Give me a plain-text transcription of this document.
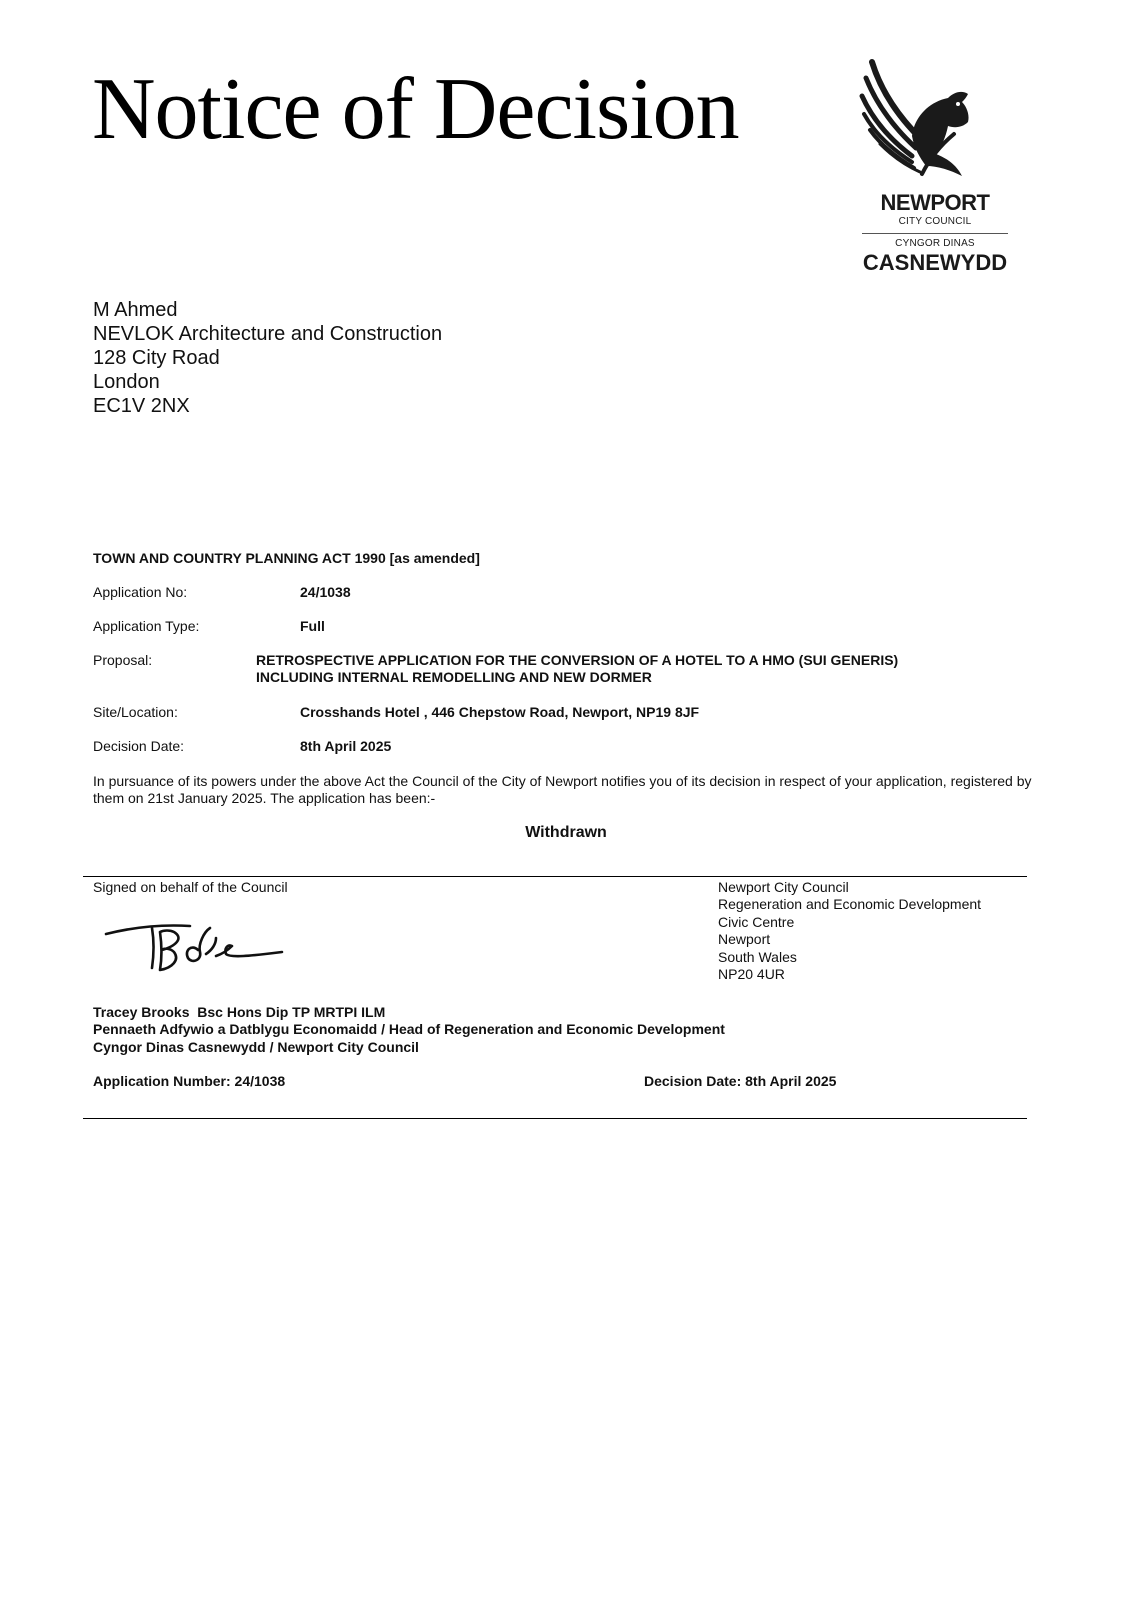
Notice of Decision
NEWPORT
CITY COUNCIL
CYNGOR DINAS
CASNEWYDD
M Ahmed
NEVLOK Architecture and Construction
128 City Road
London
EC1V 2NX
TOWN AND COUNTRY PLANNING ACT 1990 [as amended]
Application No:	24/1038
Application Type:	Full
Proposal:	RETROSPECTIVE APPLICATION FOR THE CONVERSION OF A HOTEL TO A HMO (SUI GENERIS)
INCLUDING INTERNAL REMODELLING AND NEW DORMER
Site/Location:	Crosshands Hotel , 446 Chepstow Road, Newport, NP19 8JF
Decision Date:	8th April 2025
In pursuance of its powers under the above Act the Council of the City of Newport notifies you of its decision in respect of your application, registered by them on 21st January 2025. The application has been:-
Withdrawn
Signed on behalf of the Council	Newport City Council
Regeneration and Economic Development
Civic Centre
Newport
South Wales
NP20 4UR
Tracey Brooks  Bsc Hons Dip TP MRTPI ILM
Pennaeth Adfywio a Datblygu Economaidd / Head of Regeneration and Economic Development
Cyngor Dinas Casnewydd / Newport City Council
Application Number: 24/1038	Decision Date: 8th April 2025
